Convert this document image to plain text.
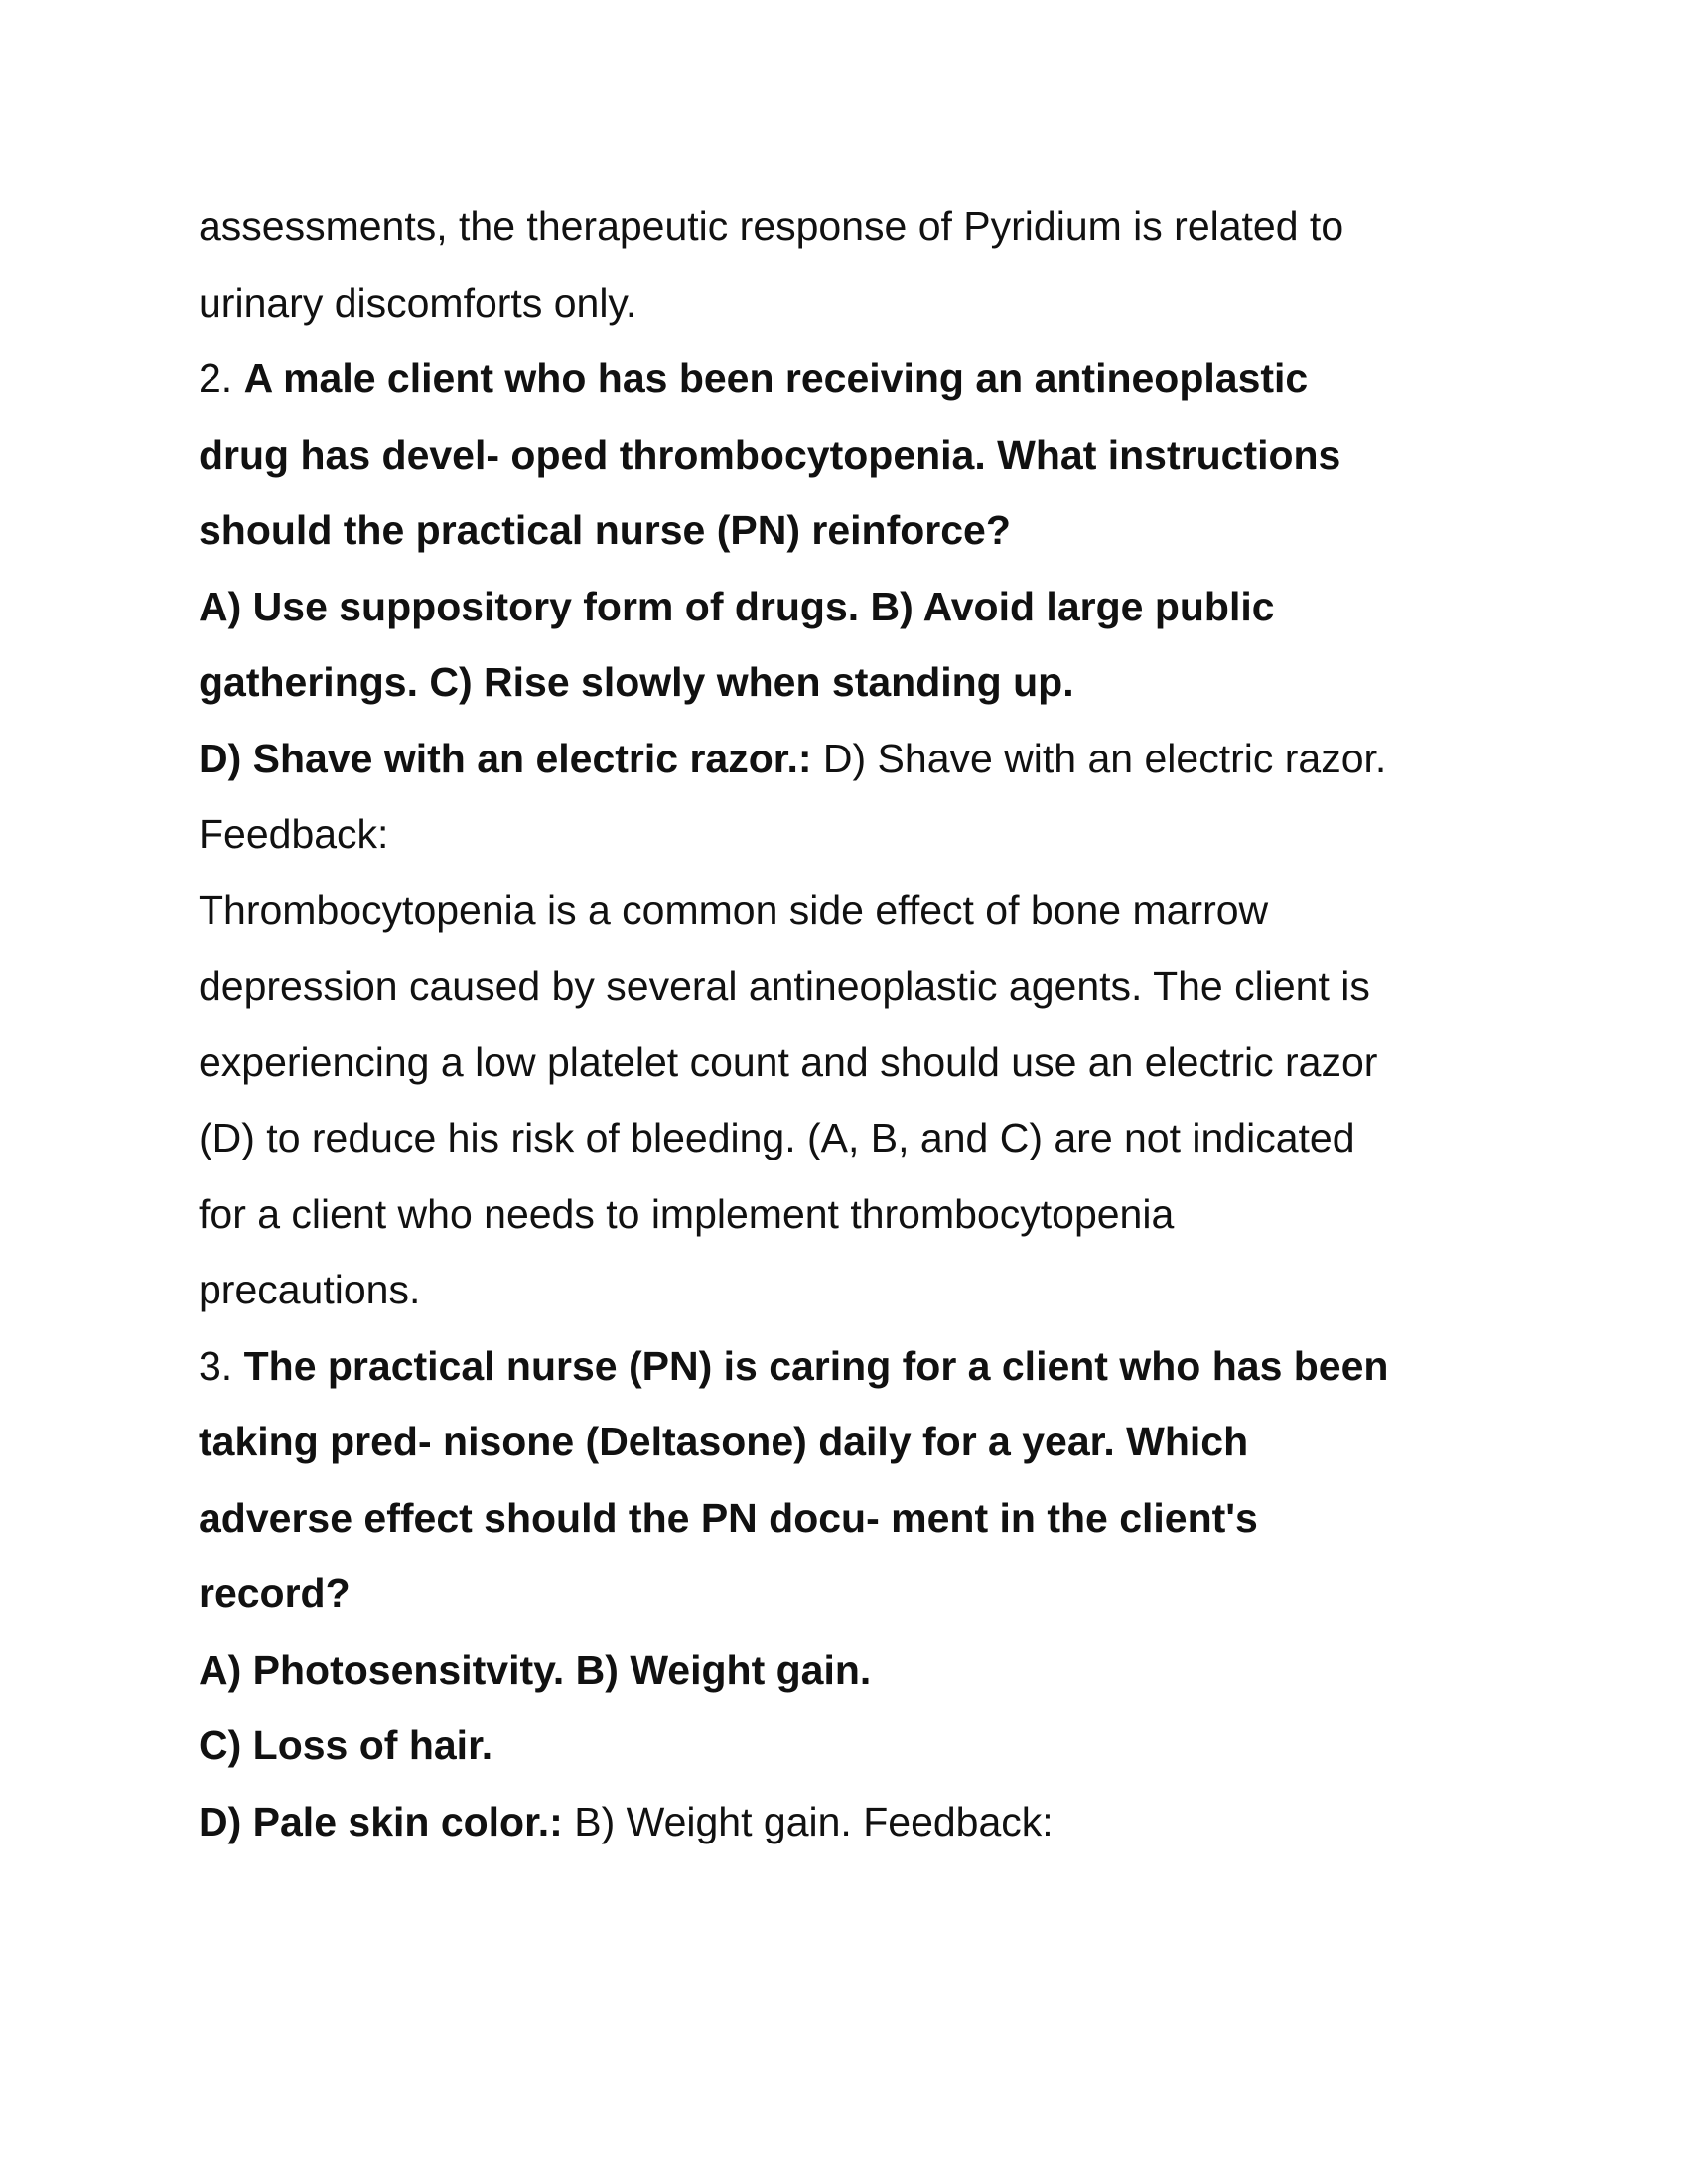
assessments, the therapeutic response of Pyridium is related to
urinary discomforts only.
2. A male client who has been receiving an antineoplastic
drug has devel- oped thrombocytopenia. What instructions
should the practical nurse (PN) reinforce?
A) Use suppository form of drugs. B) Avoid large public
gatherings. C) Rise slowly when standing up.
D) Shave with an electric razor.: D) Shave with an electric razor.
Feedback:
Thrombocytopenia is a common side effect of bone marrow
depression caused by several antineoplastic agents. The client is
experiencing a low platelet count and should use an electric razor
(D) to reduce his risk of bleeding. (A, B, and C) are not indicated
for a client who needs to implement thrombocytopenia
precautions.
3. The practical nurse (PN) is caring for a client who has been
taking pred- nisone (Deltasone) daily for a year. Which
adverse effect should the PN docu- ment in the client's
record?
A) Photosensitvity. B) Weight gain.
C) Loss of hair.
D) Pale skin color.: B) Weight gain. Feedback:
